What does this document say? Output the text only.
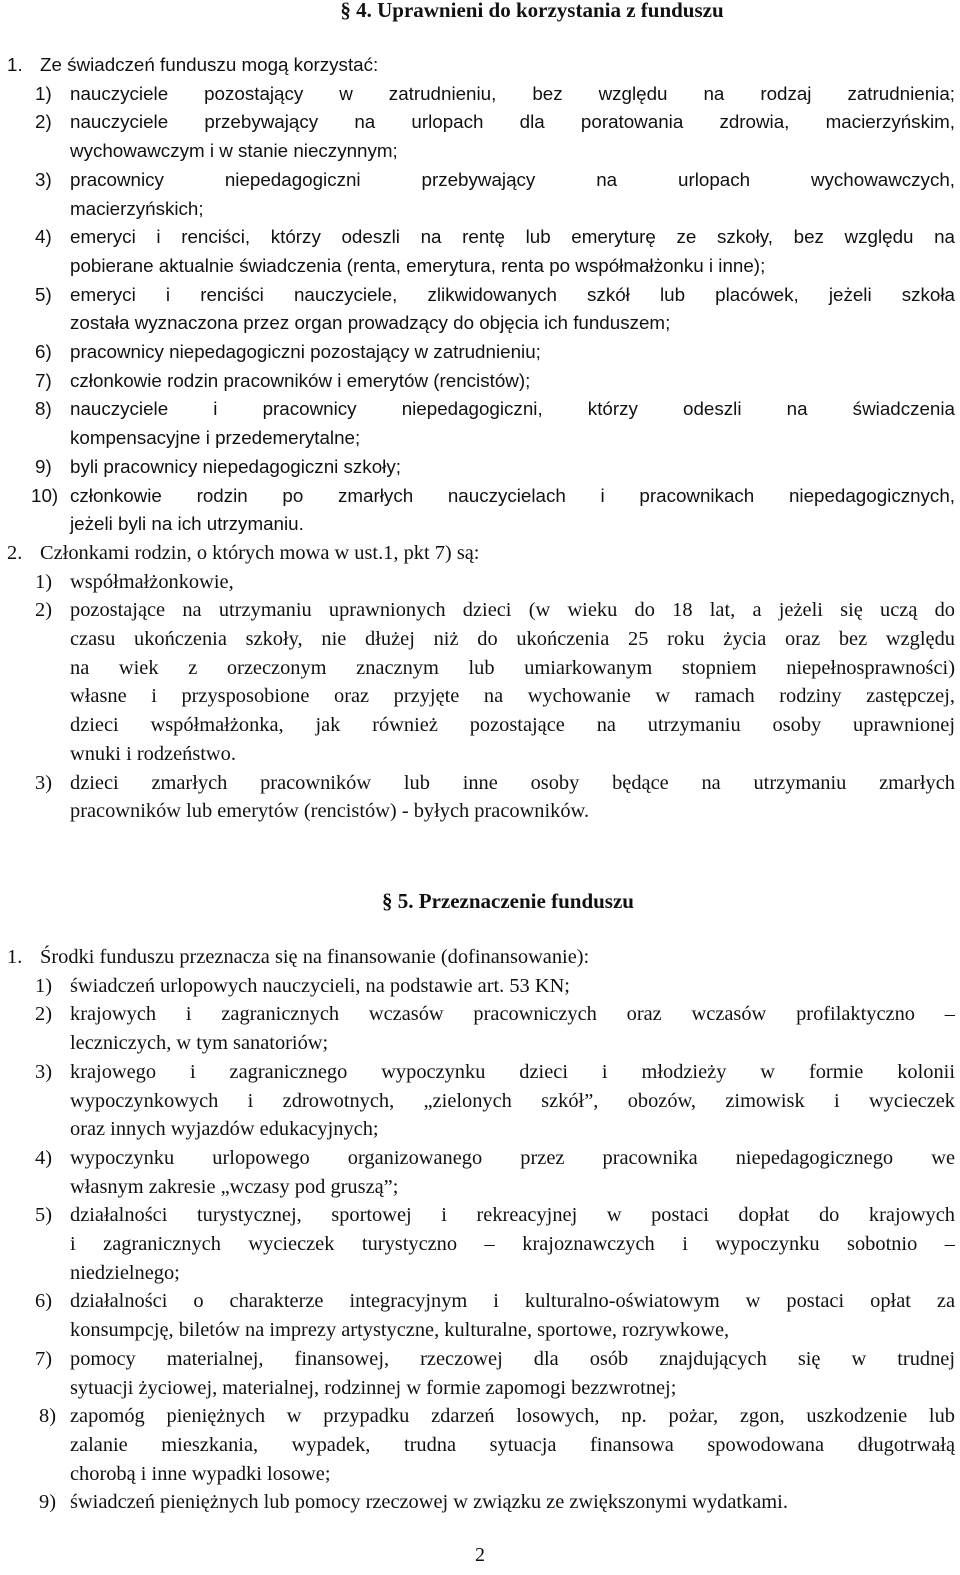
§ 4. Uprawnieni do korzystania z funduszu
1. Ze świadczeń funduszu mogą korzystać:
1) nauczyciele pozostający w zatrudnieniu, bez względu na rodzaj zatrudnienia;
2) nauczyciele przebywający na urlopach dla poratowania zdrowia, macierzyńskim,
wychowawczym i w stanie nieczynnym;
3) pracownicy niepedagogiczni przebywający na urlopach wychowawczych,
macierzyńskich;
4) emeryci i renciści, którzy odeszli na rentę lub emeryturę ze szkoły, bez względu na
pobierane aktualnie świadczenia (renta, emerytura, renta po współmałżonku i inne);
5) emeryci i renciści nauczyciele, zlikwidowanych szkół lub placówek, jeżeli szkoła
została wyznaczona przez organ prowadzący do objęcia ich funduszem;
6) pracownicy niepedagogiczni pozostający w zatrudnieniu;
7) członkowie rodzin pracowników i emerytów (rencistów);
8) nauczyciele i pracownicy niepedagogiczni, którzy odeszli na świadczenia
kompensacyjne i przedemerytalne;
9) byli pracownicy niepedagogiczni szkoły;
10) członkowie rodzin po zmarłych nauczycielach i pracownikach niepedagogicznych,
jeżeli byli na ich utrzymaniu.
2. Członkami rodzin, o których mowa w ust.1, pkt 7) są:
1) współmałżonkowie,
2) pozostające na utrzymaniu uprawnionych dzieci (w wieku do 18 lat, a jeżeli się uczą do
czasu ukończenia szkoły, nie dłużej niż do ukończenia 25 roku życia oraz bez względu
na wiek z orzeczonym znacznym lub umiarkowanym stopniem niepełnosprawności)
własne i przysposobione oraz przyjęte na wychowanie w ramach rodziny zastępczej,
dzieci współmałżonka, jak również pozostające na utrzymaniu osoby uprawnionej
wnuki i rodzeństwo.
3) dzieci zmarłych pracowników lub inne osoby będące na utrzymaniu zmarłych
pracowników lub emerytów (rencistów) - byłych pracowników.
§ 5. Przeznaczenie funduszu
1. Środki funduszu przeznacza się na finansowanie (dofinansowanie):
1) świadczeń urlopowych nauczycieli, na podstawie art. 53 KN;
2) krajowych i zagranicznych wczasów pracowniczych oraz wczasów profilaktyczno –
leczniczych, w tym sanatoriów;
3) krajowego i zagranicznego wypoczynku dzieci i młodzieży w formie kolonii
wypoczynkowych i zdrowotnych, „zielonych szkół”, obozów, zimowisk i wycieczek
oraz innych wyjazdów edukacyjnych;
4) wypoczynku urlopowego organizowanego przez pracownika niepedagogicznego we
własnym zakresie „wczasy pod gruszą”;
5) działalności turystycznej, sportowej i rekreacyjnej w postaci dopłat do krajowych
i zagranicznych wycieczek turystyczno – krajoznawczych i wypoczynku sobotnio –
niedzielnego;
6) działalności o charakterze integracyjnym i kulturalno-oświatowym w postaci opłat za
konsumpcję, biletów na imprezy artystyczne, kulturalne, sportowe, rozrywkowe,
7) pomocy materialnej, finansowej, rzeczowej dla osób znajdujących się w trudnej
sytuacji życiowej, materialnej, rodzinnej w formie zapomogi bezzwrotnej;
8) zapomóg pieniężnych w przypadku zdarzeń losowych, np. pożar, zgon, uszkodzenie lub
zalanie mieszkania, wypadek, trudna sytuacja finansowa spowodowana długotrwałą
chorobą i inne wypadki losowe;
9) świadczeń pieniężnych lub pomocy rzeczowej w związku ze zwiększonymi wydatkami.
2
